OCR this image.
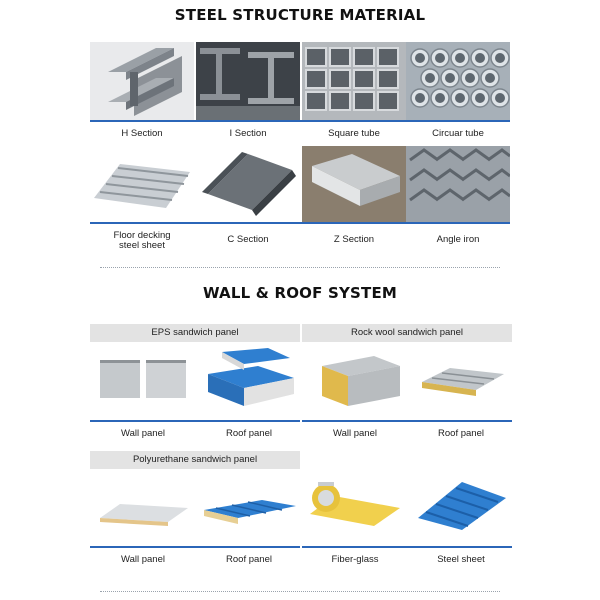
STEEL STRUCTURE MATERIAL
H Section	I Section	Square tube	Circuar tube
Floor decking
steel sheet
C Section	Z Section	Angle iron
WALL & ROOF SYSTEM
EPS sandwich panel	Rock wool sandwich panel
Wall panel	Roof panel	Wall panel	Roof panel
Polyurethane sandwich panel
Wall panel	Roof panel	Fiber-glass	Steel sheet
